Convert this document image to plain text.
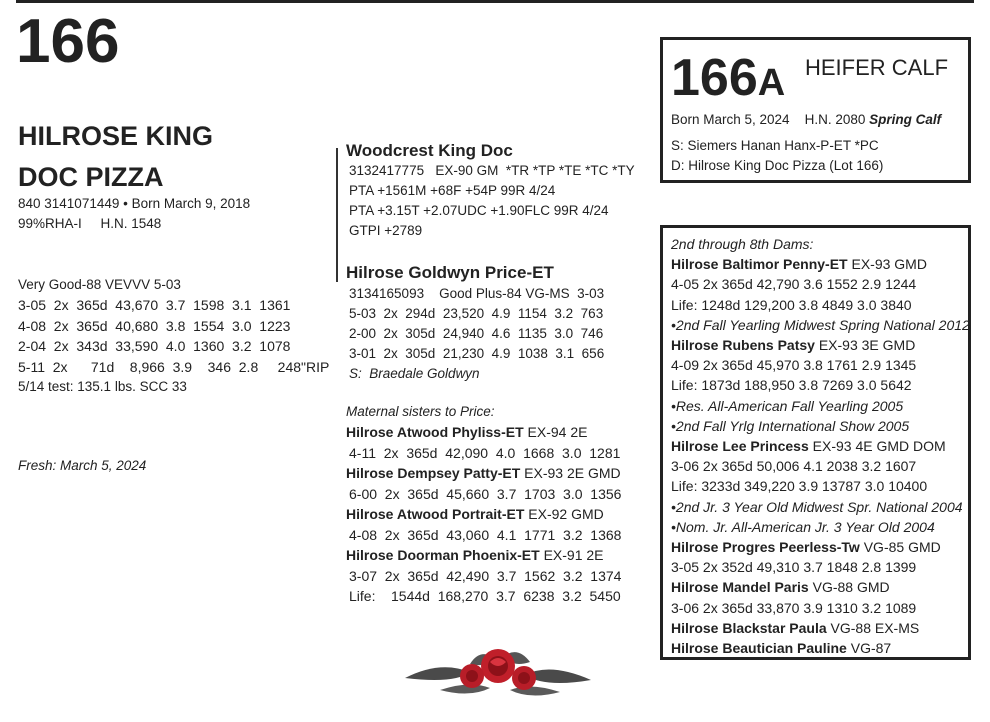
166
HILROSE KING
DOC PIZZA
840 3141071449 • Born March 9, 2018
99%RHA-I     H.N. 1548
Very Good-88 VEVVV 5-03
3-05  2x  365d  43,670  3.7  1598  3.1  1361
4-08  2x  365d  40,680  3.8  1554  3.0  1223
2-04  2x  343d  33,590  4.0  1360  3.2  1078
5-11  2x      71d    8,966  3.9    346  2.8     248"RIP
5/14 test: 135.1 lbs. SCC 33
Fresh: March 5, 2024
Woodcrest King Doc
3132417775   EX-90 GM  *TR *TP *TE *TC *TY
PTA +1561M +68F +54P 99R 4/24
PTA +3.15T +2.07UDC +1.90FLC 99R 4/24
GTPI +2789
Hilrose Goldwyn Price-ET
3134165093    Good Plus-84 VG-MS  3-03
5-03  2x  294d  23,520  4.9  1154  3.2  763
2-00  2x  305d  24,940  4.6  1135  3.0  746
3-01  2x  305d  21,230  4.9  1038  3.1  656
S:  Braedale Goldwyn
Maternal sisters to Price:
Hilrose Atwood Phyliss-ET EX-94 2E
4-11  2x  365d  42,090  4.0  1668  3.0  1281
Hilrose Dempsey Patty-ET EX-93 2E GMD
6-00  2x  365d  45,660  3.7  1703  3.0  1356
Hilrose Atwood Portrait-ET EX-92 GMD
4-08  2x  365d  43,060  4.1  1771  3.2  1368
Hilrose Doorman Phoenix-ET EX-91 2E
3-07  2x  365d  42,490  3.7  1562  3.2  1374
Life:    1544d  168,270  3.7  6238  3.2  5450
166A HEIFER CALF
Born March 5, 2024    H.N. 2080 Spring Calf
S: Siemers Hanan Hanx-P-ET *PC
D: Hilrose King Doc Pizza (Lot 166)
2nd through 8th Dams:
Hilrose Baltimor Penny-ET EX-93 GMD
4-05 2x 365d 42,790 3.6 1552 2.9 1244
Life: 1248d 129,200 3.8 4849 3.0 3840
•2nd Fall Yearling Midwest Spring National 2012
Hilrose Rubens Patsy EX-93 3E GMD
4-09 2x 365d 45,970 3.8 1761 2.9 1345
Life: 1873d 188,950 3.8 7269 3.0 5642
•Res. All-American Fall Yearling 2005
•2nd Fall Yrlg International Show 2005
Hilrose Lee Princess EX-93 4E GMD DOM
3-06 2x 365d 50,006 4.1 2038 3.2 1607
Life: 3233d 349,220 3.9 13787 3.0 10400
•2nd Jr. 3 Year Old Midwest Spr. National 2004
•Nom. Jr. All-American Jr. 3 Year Old 2004
Hilrose Progres Peerless-Tw VG-85 GMD
3-05 2x 352d 49,310 3.7 1848 2.8 1399
Hilrose Mandel Paris VG-88 GMD
3-06 2x 365d 33,870 3.9 1310 3.2 1089
Hilrose Blackstar Paula VG-88 EX-MS
Hilrose Beautician Pauline VG-87
